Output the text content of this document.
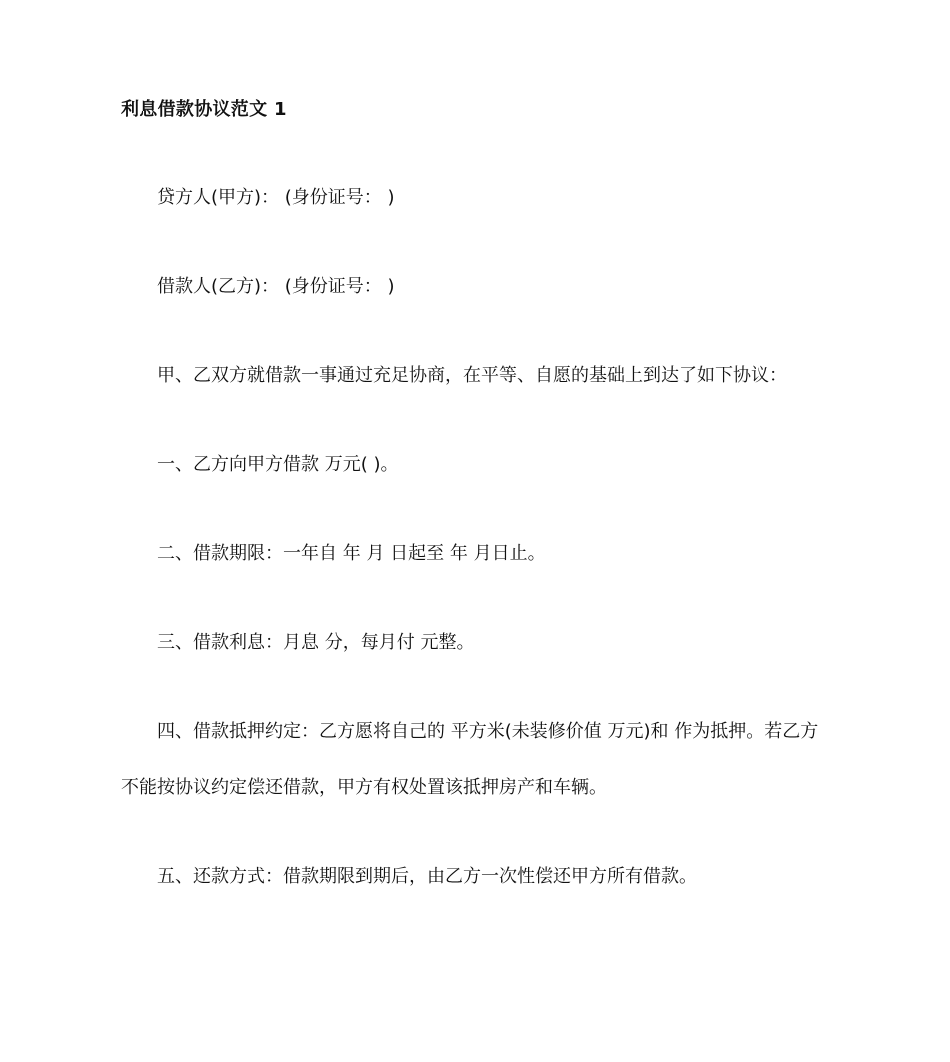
利息借款协议范文 1

贷方人(甲方)： (身份证号： )

借款人(乙方)： (身份证号： )

甲、乙双方就借款一事通过充足协商，在平等、自愿的基础上到达了如下协议：

一、乙方向甲方借款 万元( )。

二、借款期限：一年自 年 月 日起至 年 月日止。

三、借款利息：月息 分，每月付 元整。

四、借款抵押约定：乙方愿将自己的 平方米(未装修价值 万元)和 作为抵押。若乙方不能按协议约定偿还借款，甲方有权处置该抵押房产和车辆。

五、还款方式：借款期限到期后，由乙方一次性偿还甲方所有借款。
